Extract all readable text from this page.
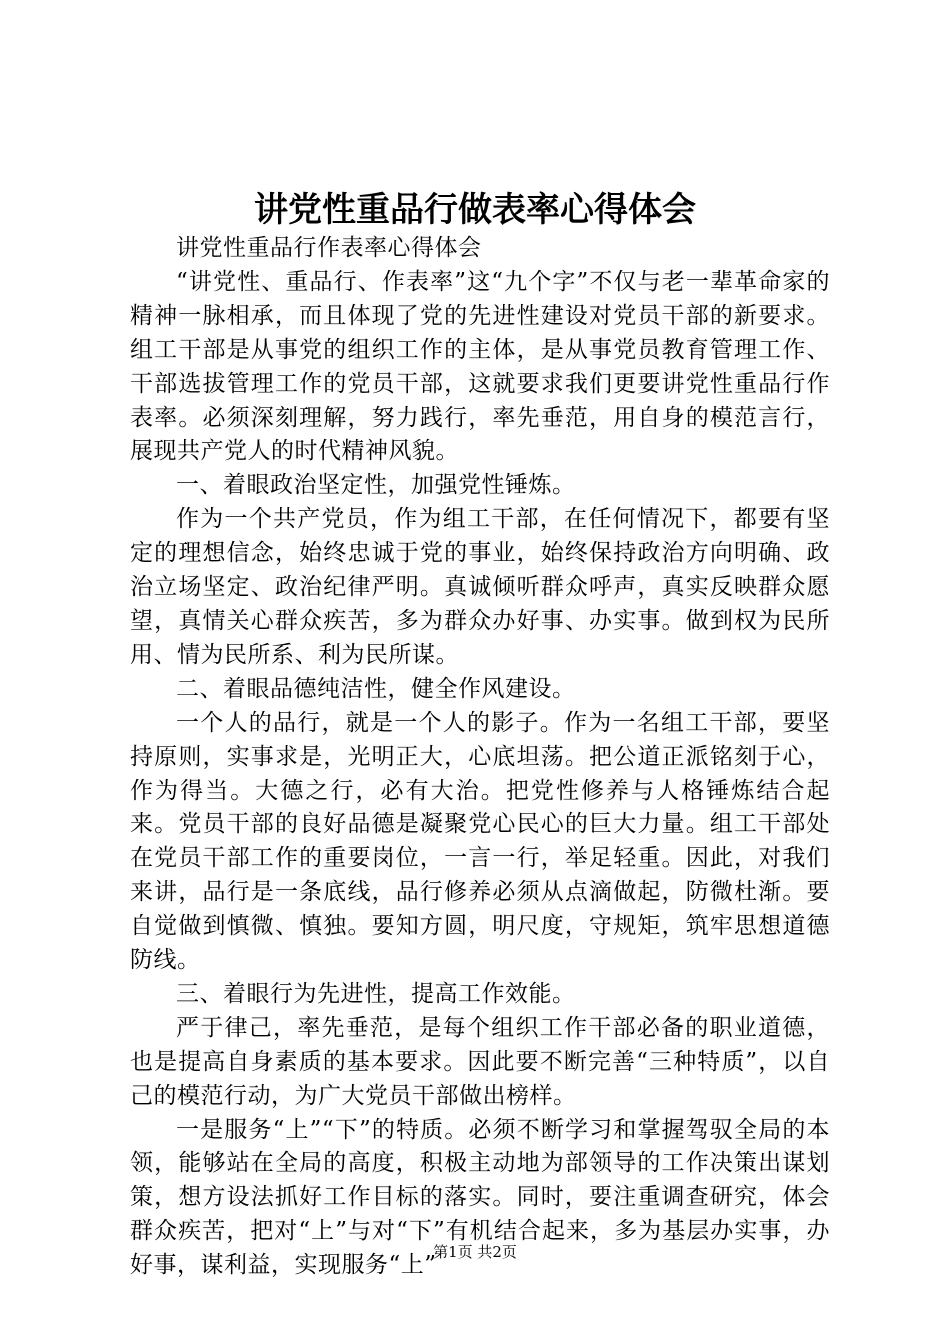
讲党性重品行做表率心得体会

讲党性重品行作表率心得体会

“讲党性、重品行、作表率”这“九个字”不仅与老一辈革命家的精神一脉相承，而且体现了党的先进性建设对党员干部的新要求。组工干部是从事党的组织工作的主体，是从事党员教育管理工作、干部选拔管理工作的党员干部，这就要求我们更要讲党性重品行作表率。必须深刻理解，努力践行，率先垂范，用自身的模范言行，展现共产党人的时代精神风貌。

一、着眼政治坚定性，加强党性锤炼。

作为一个共产党员，作为组工干部，在任何情况下，都要有坚定的理想信念，始终忠诚于党的事业，始终保持政治方向明确、政治立场坚定、政治纪律严明。真诚倾听群众呼声，真实反映群众愿望，真情关心群众疾苦，多为群众办好事、办实事。做到权为民所用、情为民所系、利为民所谋。

二、着眼品德纯洁性，健全作风建设。

一个人的品行，就是一个人的影子。作为一名组工干部，要坚持原则，实事求是，光明正大，心底坦荡。把公道正派铭刻于心，作为得当。大德之行，必有大治。把党性修养与人格锤炼结合起来。党员干部的良好品德是凝聚党心民心的巨大力量。组工干部处在党员干部工作的重要岗位，一言一行，举足轻重。因此，对我们来讲，品行是一条底线，品行修养必须从点滴做起，防微杜渐。要自觉做到慎微、慎独。要知方圆，明尺度，守规矩，筑牢思想道德防线。

三、着眼行为先进性，提高工作效能。

严于律己，率先垂范，是每个组织工作干部必备的职业道德，也是提高自身素质的基本要求。因此要不断完善“三种特质”，以自己的模范行动，为广大党员干部做出榜样。

一是服务“上”“下”的特质。必须不断学习和掌握驾驭全局的本领，能够站在全局的高度，积极主动地为部领导的工作决策出谋划策，想方设法抓好工作目标的落实。同时，要注重调查研究，体会群众疾苦，把对“上”与对“下”有机结合起来，多为基层办实事，办好事，谋利益，实现服务“上”

第1页 共2页
